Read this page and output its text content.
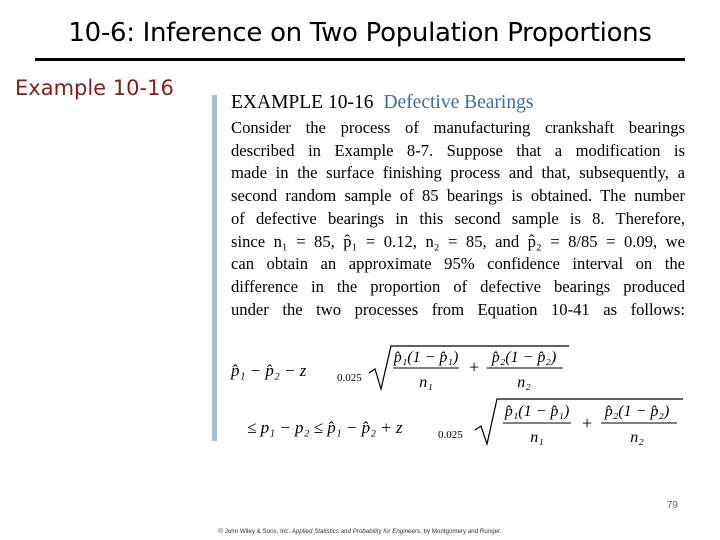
10-6: Inference on Two Population Proportions
Example 10-16
EXAMPLE 10-16 Defective Bearings
Consider the process of manufacturing crankshaft bearings
described in Example 8-7. Suppose that a modification is
made in the surface finishing process and that, subsequently, a
second random sample of 85 bearings is obtained. The number
of defective bearings in this second sample is 8. Therefore,
since n₁ = 85, p̂₁ = 0.12, n₂ = 85, and p̂₂ = 8/85 = 0.09, we
can obtain an approximate 95% confidence interval on the
difference in the proportion of defective bearings produced
under the two processes from Equation 10-41 as follows:
p̂₁ − p̂₂ − z	0.025
p̂₁(1 − p̂₁)
n₁
+ p̂₂(1 − p̂₂)
n₂
≤ p₁ − p₂ ≤ p̂₁ − p̂₂ + z	0.025
p̂₁(1 − p̂₁)
n₁
+
p̂₂(1 − p̂₂)
n₂
79
© John Wiley & Sons, Inc. Applied Statistics and Probability for Engineers, by Montgomery and Runger.
